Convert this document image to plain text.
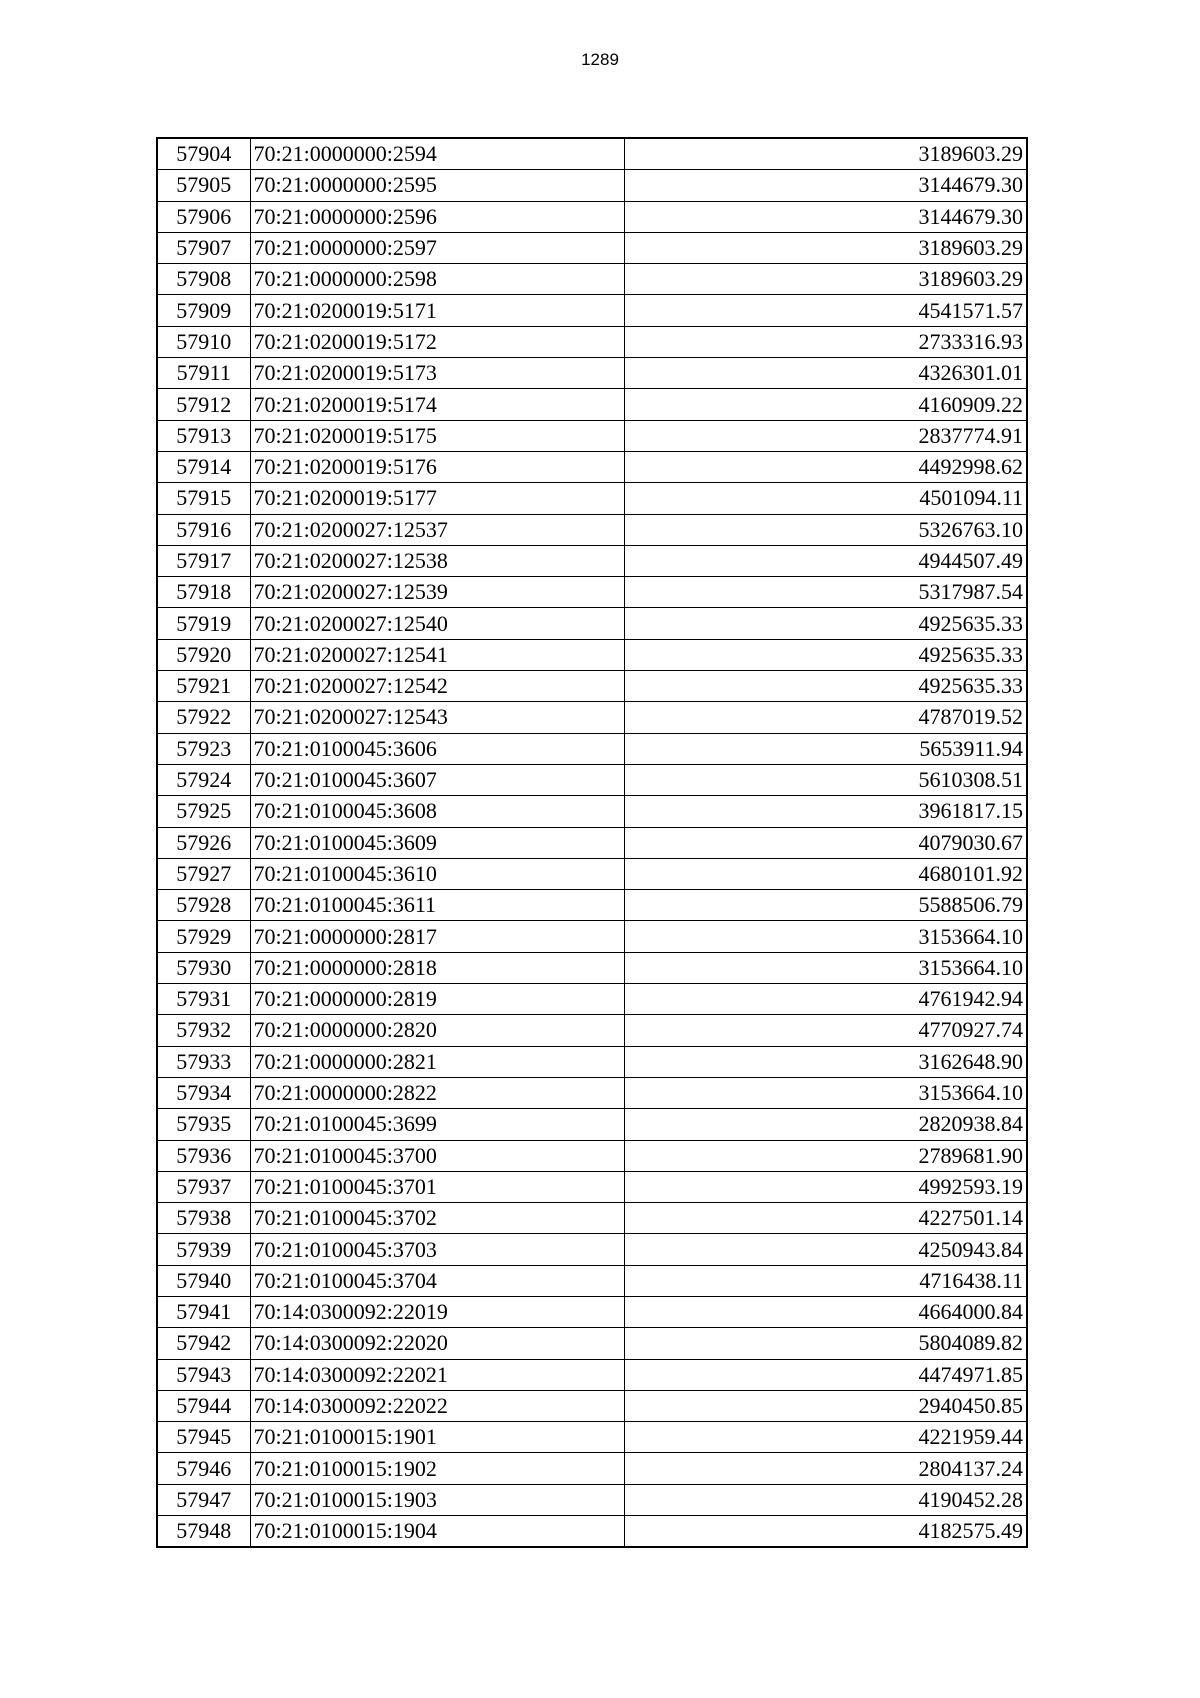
1289
57904	70:21:0000000:2594	3189603.29
57905	70:21:0000000:2595	3144679.30
57906	70:21:0000000:2596	3144679.30
57907	70:21:0000000:2597	3189603.29
57908	70:21:0000000:2598	3189603.29
57909	70:21:0200019:5171	4541571.57
57910	70:21:0200019:5172	2733316.93
57911	70:21:0200019:5173	4326301.01
57912	70:21:0200019:5174	4160909.22
57913	70:21:0200019:5175	2837774.91
57914	70:21:0200019:5176	4492998.62
57915	70:21:0200019:5177	4501094.11
57916	70:21:0200027:12537	5326763.10
57917	70:21:0200027:12538	4944507.49
57918	70:21:0200027:12539	5317987.54
57919	70:21:0200027:12540	4925635.33
57920	70:21:0200027:12541	4925635.33
57921	70:21:0200027:12542	4925635.33
57922	70:21:0200027:12543	4787019.52
57923	70:21:0100045:3606	5653911.94
57924	70:21:0100045:3607	5610308.51
57925	70:21:0100045:3608	3961817.15
57926	70:21:0100045:3609	4079030.67
57927	70:21:0100045:3610	4680101.92
57928	70:21:0100045:3611	5588506.79
57929	70:21:0000000:2817	3153664.10
57930	70:21:0000000:2818	3153664.10
57931	70:21:0000000:2819	4761942.94
57932	70:21:0000000:2820	4770927.74
57933	70:21:0000000:2821	3162648.90
57934	70:21:0000000:2822	3153664.10
57935	70:21:0100045:3699	2820938.84
57936	70:21:0100045:3700	2789681.90
57937	70:21:0100045:3701	4992593.19
57938	70:21:0100045:3702	4227501.14
57939	70:21:0100045:3703	4250943.84
57940	70:21:0100045:3704	4716438.11
57941	70:14:0300092:22019	4664000.84
57942	70:14:0300092:22020	5804089.82
57943	70:14:0300092:22021	4474971.85
57944	70:14:0300092:22022	2940450.85
57945	70:21:0100015:1901	4221959.44
57946	70:21:0100015:1902	2804137.24
57947	70:21:0100015:1903	4190452.28
57948	70:21:0100015:1904	4182575.49
